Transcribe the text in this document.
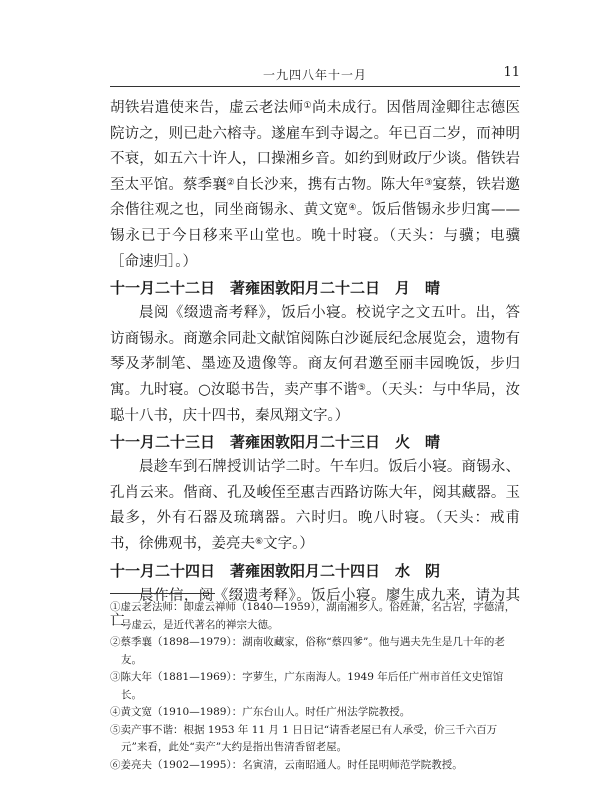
一九四八年十一月	11

胡铁岩遣使来告，虚云老法师①尚未成行。因偕周淦卿往志德医院访之，则已赴六榕寺。遂雇车到寺谒之。年已百二岁，而神明不衰，如五六十许人，口操湘乡音。如约到财政厅少谈。偕铁岩至太平馆。蔡季襄②自长沙来，携有古物。陈大年③宴蔡，铁岩邀余偕往观之也，同坐商锡永、黄文宽④。饭后偕锡永步归寓——锡永已于今日移来平山堂也。晚十时寝。（天头：与骥；电骥［命速归］。）

十一月二十二日　著雍困敦阳月二十二日　月　晴

晨阅《缀遗斋考释》，饭后小寝。校说字之文五叶。出，答访商锡永。商邀余同赴文献馆阅陈白沙诞辰纪念展览会，遗物有琴及茅制笔、墨迹及遗像等。商友何君邀至丽丰园晚饭，步归寓。九时寝。○汝聪书告，卖产事不谐⑤。（天头：与中华局，汝聪十八书，庆十四书，秦凤翔文字。）

十一月二十三日　著雍困敦阳月二十三日　火　晴

晨趁车到石牌授训诂学二时。午车归。饭后小寝。商锡永、孔肖云来。偕商、孔及峻侄至惠吉西路访陈大年，阅其藏器。玉最多，外有石器及琉璃器。六时归。晚八时寝。（天头：戒甫书，徐佛观书，姜亮夫⑥文字。）

十一月二十四日　著雍困敦阳月二十四日　水　阴

晨作信，阅《缀遗考释》。饭后小寝。廖生成九来，请为其亡

①虚云老法师：即虚云禅师（1840—1959），湖南湘乡人。俗姓萧，名古岩，字德清，号虚云，是近代著名的禅宗大德。

②蔡季襄（1898—1979）：湖南收藏家，俗称“蔡四爹”。他与遇夫先生是几十年的老友。

③陈大年（1881—1969）：字萝生，广东南海人。1949 年后任广州市首任文史馆馆长。

④黄文宽（1910—1989）：广东台山人。时任广州法学院教授。

⑤卖产事不谐：根据 1953 年 11 月 1 日日记“请香老屋已有人承受，价三千六百万元”来看，此处“卖产”大约是指出售清香留老屋。

⑥姜亮夫（1902—1995）：名寅清，云南昭通人。时任昆明师范学院教授。
